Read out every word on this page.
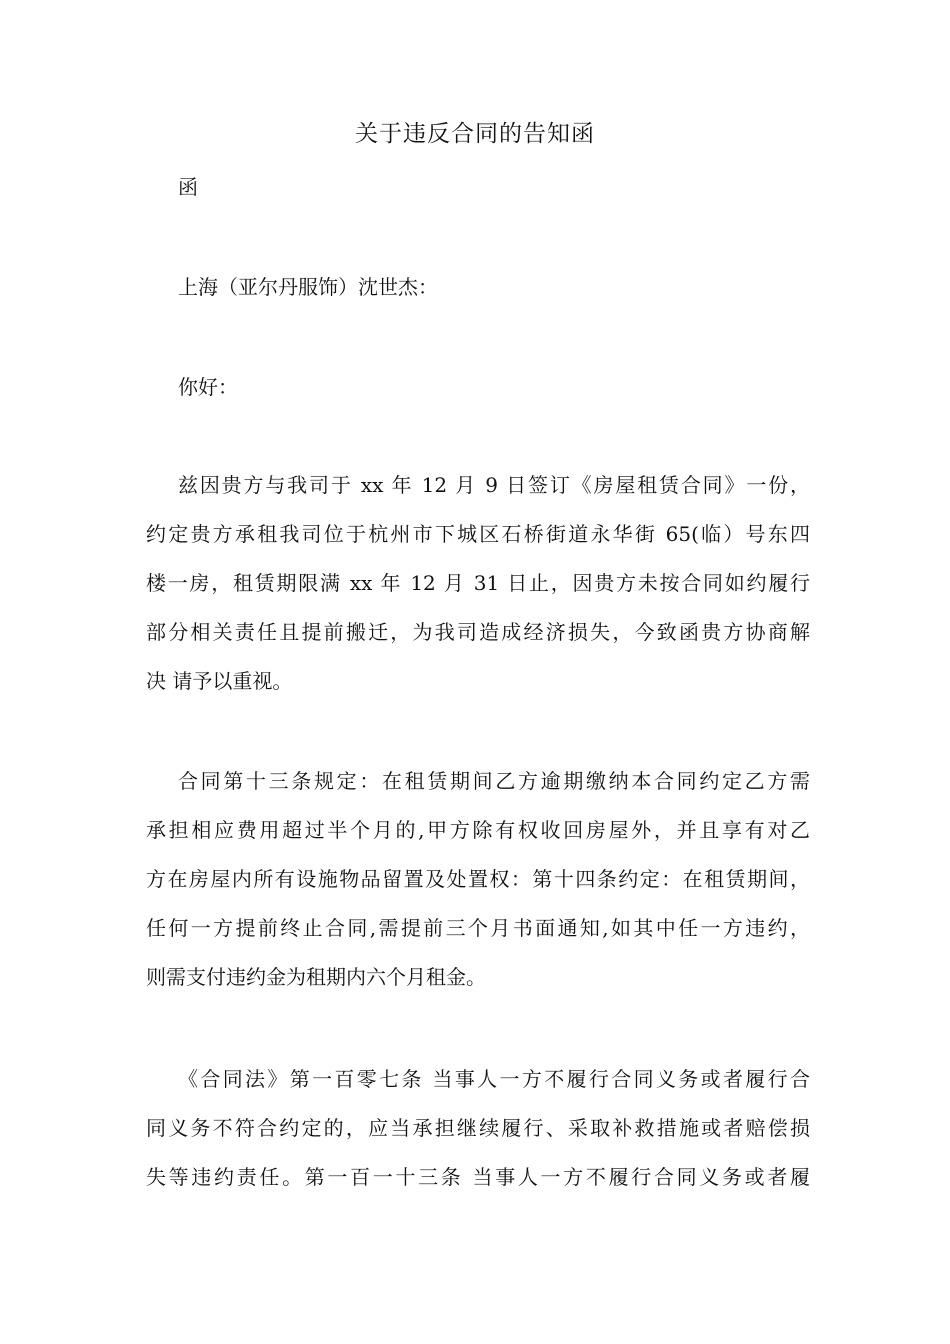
关于违反合同的告知函
函
上海（亚尔丹服饰）沈世杰：
你好：
兹因贵方与我司于 xx 年 12 月 9 日签订《房屋租赁合同》一份，
约定贵方承租我司位于杭州市下城区石桥街道永华街 65(临）号东四
楼一房，租赁期限满 xx 年 12 月 31 日止，因贵方未按合同如约履行
部分相关责任且提前搬迁，为我司造成经济损失，今致函贵方协商解
决 请予以重视。
合同第十三条规定：在租赁期间乙方逾期缴纳本合同约定乙方需
承担相应费用超过半个月的,甲方除有权收回房屋外，并且享有对乙
方在房屋内所有设施物品留置及处置权：第十四条约定：在租赁期间，
任何一方提前终止合同,需提前三个月书面通知,如其中任一方违约，
则需支付违约金为租期内六个月租金。
《合同法》第一百零七条 当事人一方不履行合同义务或者履行合
同义务不符合约定的，应当承担继续履行、采取补救措施或者赔偿损
失等违约责任。第一百一十三条 当事人一方不履行合同义务或者履
